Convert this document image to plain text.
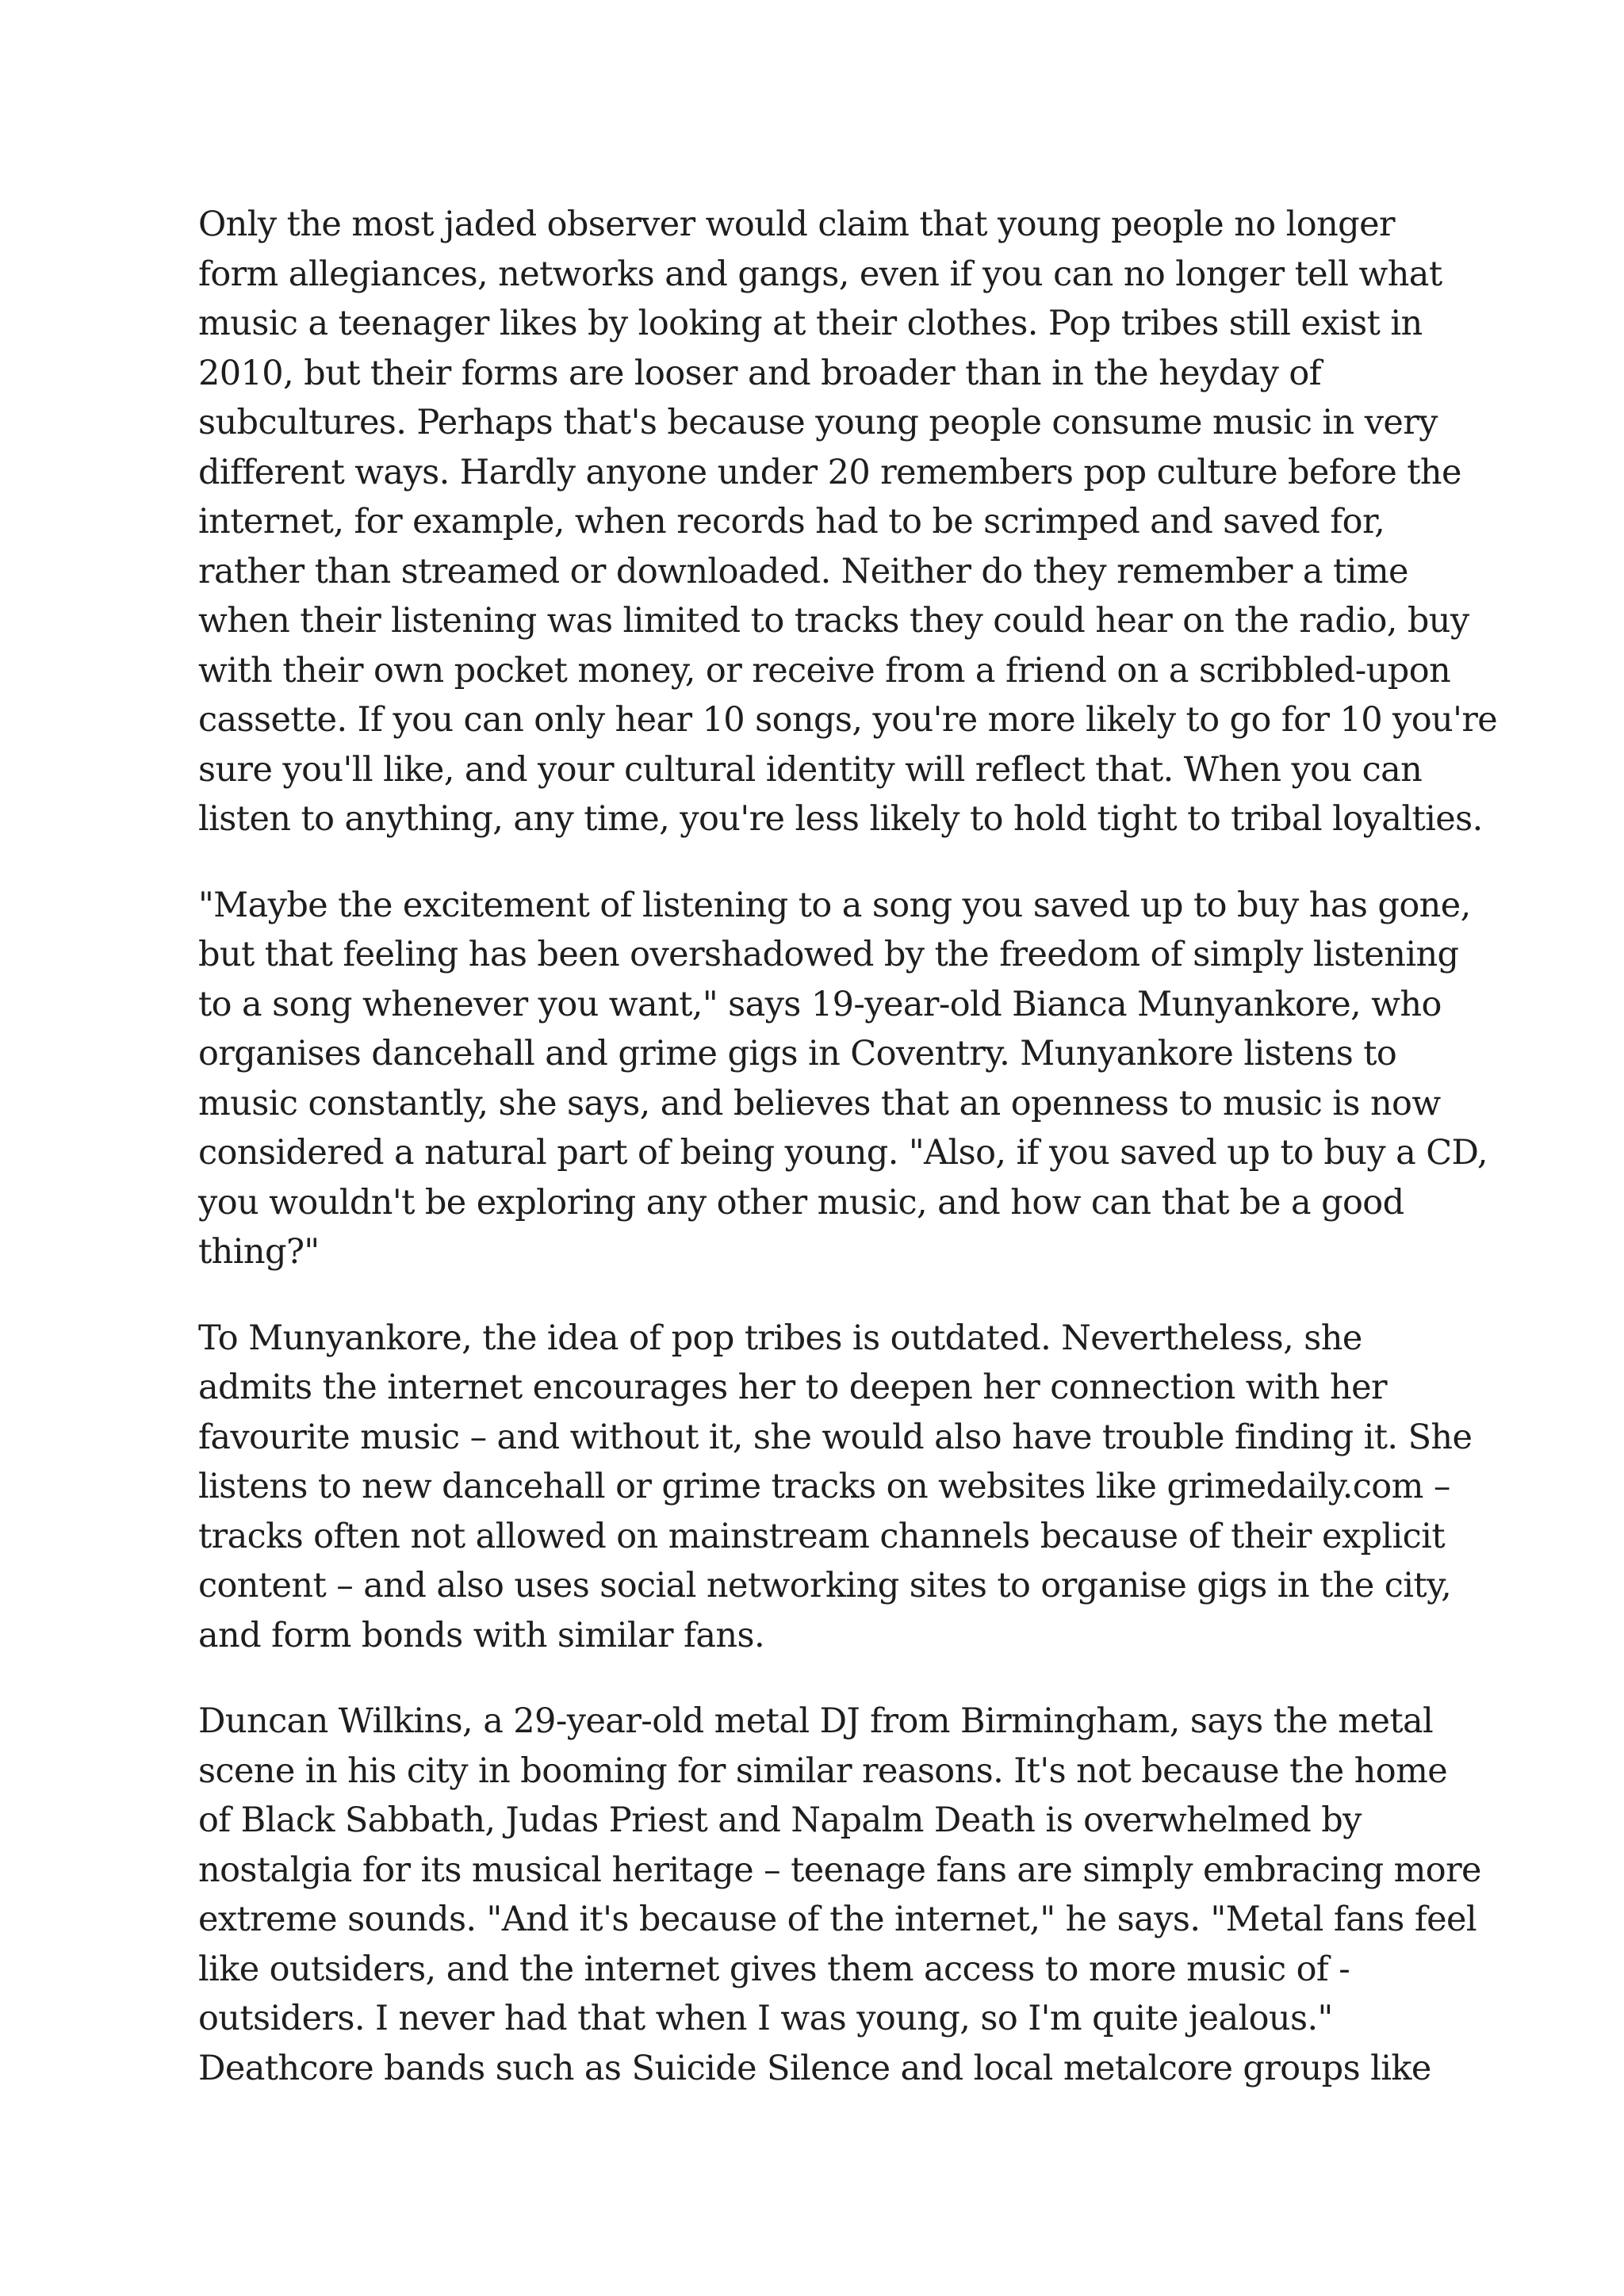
Only the most jaded observer would claim that young people no longer
form allegiances, networks and gangs, even if you can no longer tell what
music a teenager likes by looking at their clothes. Pop tribes still exist in
2010, but their forms are looser and broader than in the heyday of
subcultures. Perhaps that's because young people consume music in very
different ways. Hardly anyone under 20 remembers pop culture before the
internet, for example, when records had to be scrimped and saved for,
rather than streamed or downloaded. Neither do they remember a time
when their listening was limited to tracks they could hear on the radio, buy
with their own pocket money, or receive from a friend on a scribbled-upon
cassette. If you can only hear 10 songs, you're more likely to go for 10 you're
sure you'll like, and your cultural identity will reflect that. When you can
listen to anything, any time, you're less likely to hold tight to tribal loyalties.
"Maybe the excitement of listening to a song you saved up to buy has gone,
but that feeling has been overshadowed by the freedom of simply listening
to a song whenever you want," says 19-year-old Bianca Munyankore, who
organises dancehall and grime gigs in Coventry. Munyankore listens to
music constantly, she says, and believes that an openness to music is now
considered a natural part of being young. "Also, if you saved up to buy a CD,
you wouldn't be exploring any other music, and how can that be a good
thing?"
To Munyankore, the idea of pop tribes is outdated. Nevertheless, she
admits the internet encourages her to deepen her connection with her
favourite music – and without it, she would also have trouble finding it. She
listens to new dancehall or grime tracks on websites like grimedaily.com –
tracks often not allowed on mainstream channels because of their explicit
content – and also uses social networking sites to organise gigs in the city,
and form bonds with similar fans.
Duncan Wilkins, a 29-year-old metal DJ from Birmingham, says the metal
scene in his city in booming for similar reasons. It's not because the home
of Black Sabbath, Judas Priest and Napalm Death is overwhelmed by
nostalgia for its musical heritage – teenage fans are simply embracing more
extreme sounds. "And it's because of the internet," he says. "Metal fans feel
like outsiders, and the internet gives them access to more music of -
outsiders. I never had that when I was young, so I'm quite jealous."
Deathcore bands such as Suicide Silence and local metalcore groups like
